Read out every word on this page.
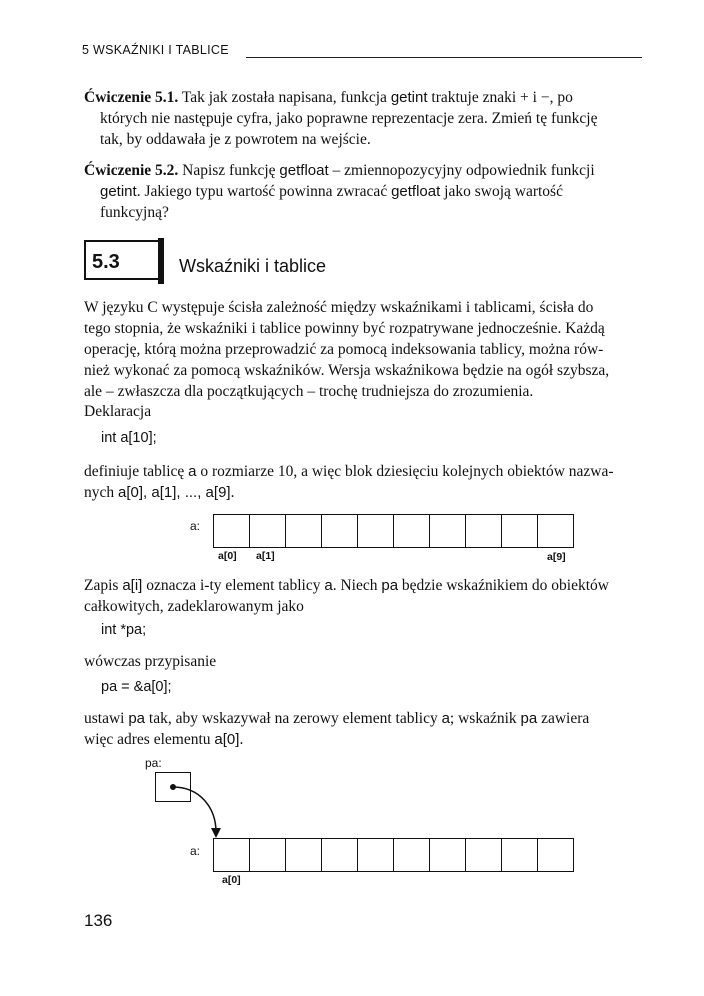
5 WSKAŹNIKI I TABLICE
Ćwiczenie 5.1. Tak jak została napisana, funkcja getint traktuje znaki + i −, po
których nie następuje cyfra, jako poprawne reprezentacje zera. Zmień tę funkcję
tak, by oddawała je z powrotem na wejście.
Ćwiczenie 5.2. Napisz funkcję getfloat – zmiennopozycyjny odpowiednik funkcji
getint. Jakiego typu wartość powinna zwracać getfloat jako swoją wartość
funkcyjną?
5.3	Wskaźniki i tablice
W języku C występuje ścisła zależność między wskaźnikami i tablicami, ścisła do
tego stopnia, że wskaźniki i tablice powinny być rozpatrywane jednocześnie. Każdą
operację, którą można przeprowadzić za pomocą indeksowania tablicy, można rów-
nież wykonać za pomocą wskaźników. Wersja wskaźnikowa będzie na ogół szybsza,
ale – zwłaszcza dla początkujących – trochę trudniejsza do zrozumienia.
Deklaracja
int a[10];
definiuje tablicę a o rozmiarze 10, a więc blok dziesięciu kolejnych obiektów nazwa-
nych a[0], a[1], ..., a[9].
a:
a[0] a[1]	a[9]
Zapis a[i] oznacza i-ty element tablicy a. Niech pa będzie wskaźnikiem do obiektów
całkowitych, zadeklarowanym jako
int *pa;
wówczas przypisanie
pa = &a[0];
ustawi pa tak, aby wskazywał na zerowy element tablicy a; wskaźnik pa zawiera
więc adres elementu a[0].
pa:
a:
a[0]
136
